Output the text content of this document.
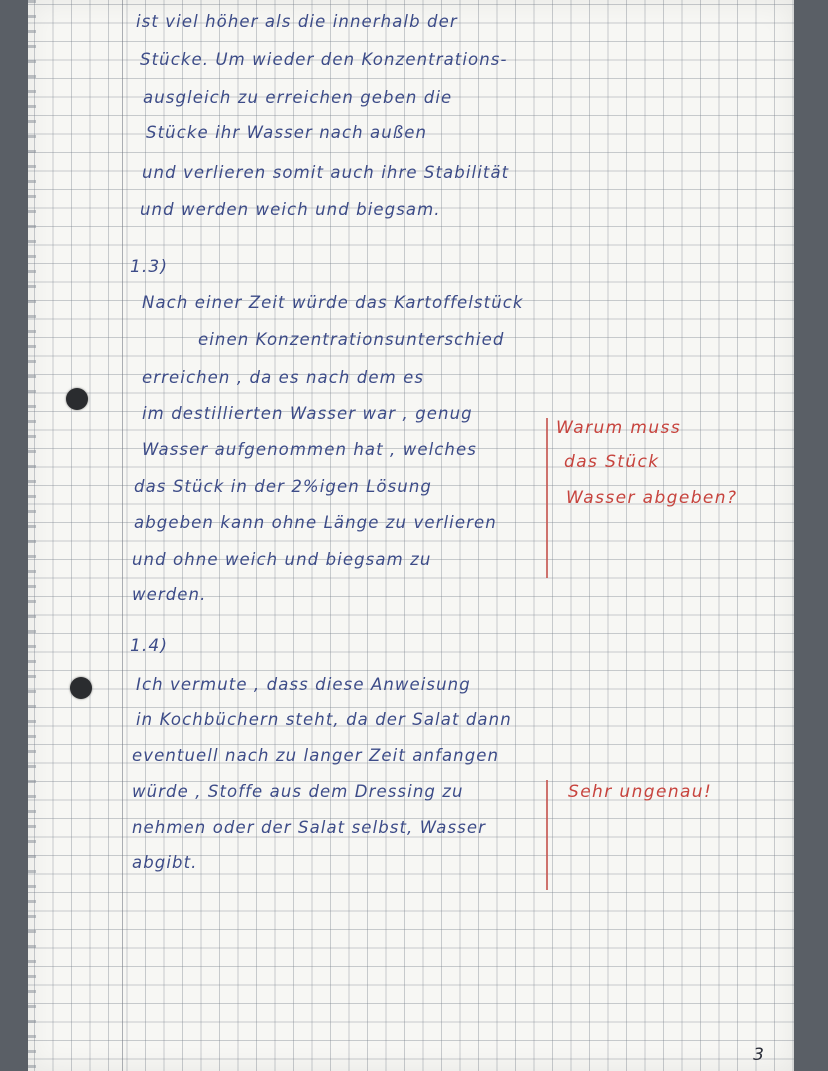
ist viel höher als die innerhalb der
Stücke. Um wieder den Konzentrations-
ausgleich zu erreichen geben die
Stücke ihr Wasser nach außen
und verlieren somit auch ihre Stabilität
und werden weich und biegsam.
1.3)
Nach einer Zeit würde das Kartoffelstück
einen Konzentrationsunterschied
erreichen , da es nach dem es
im destillierten Wasser war , genug
Wasser aufgenommen hat , welches
das Stück in der 2%igen Lösung
abgeben kann ohne Länge zu verlieren
und ohne weich und biegsam zu
werden.
1.4)
Ich vermute , dass diese Anweisung
in Kochbüchern steht, da der Salat dann
eventuell nach zu langer Zeit anfangen
würde , Stoffe aus dem Dressing zu
nehmen oder der Salat selbst, Wasser
abgibt.
Warum muss
das Stück
Wasser abgeben?
Sehr ungenau!
3
